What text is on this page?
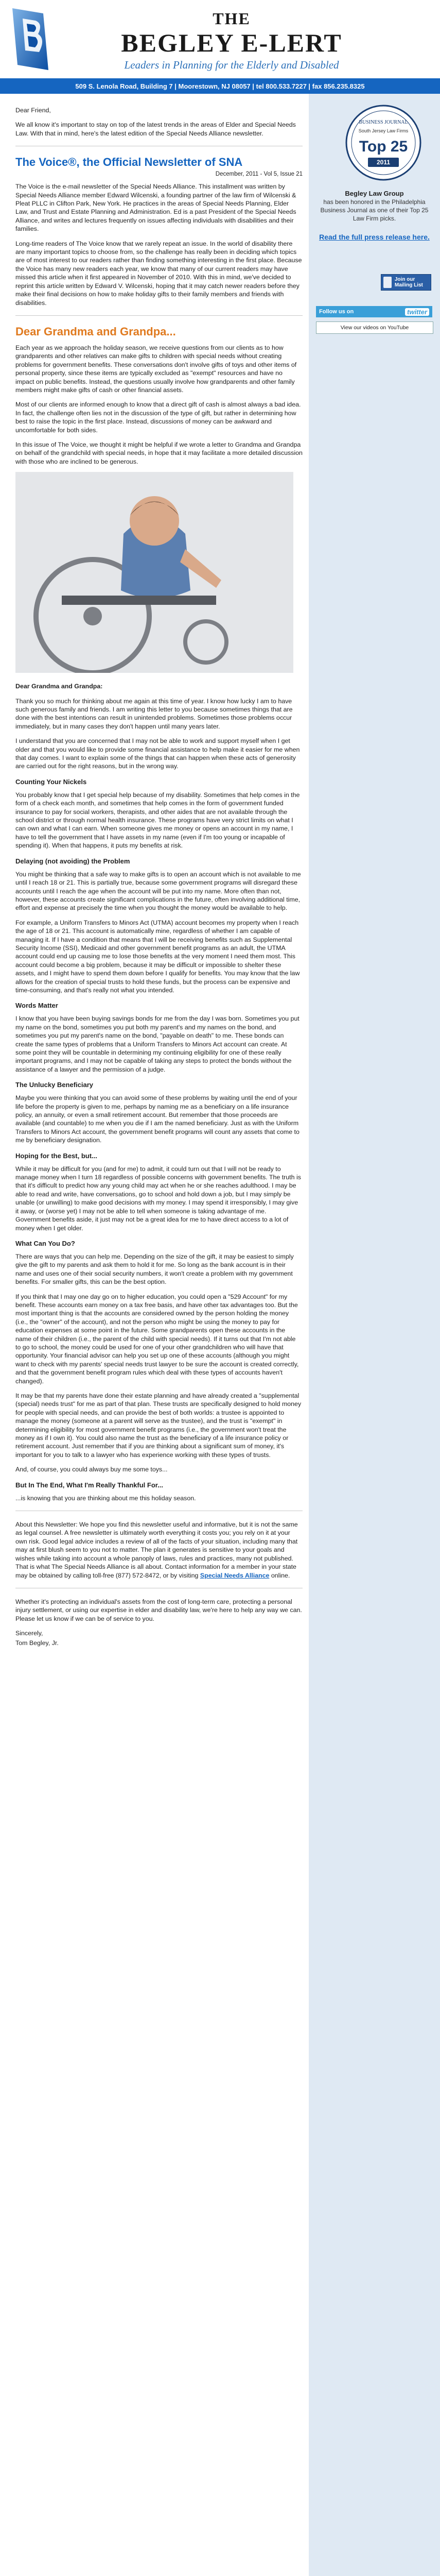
THE
BEGLEY E-LERT
Leaders in Planning for the Elderly and Disabled
509 S. Lenola Road, Building 7 | Moorestown, NJ 08057 | tel 800.533.7227 | fax 856.235.8325

Dear Friend,

We all know it's important to stay on top of the latest trends in the areas of Elder and Special Needs Law. With that in mind, here's the latest edition of the Special Needs Alliance newsletter.

The Voice®, the Official Newsletter of SNA
December, 2011 - Vol 5, Issue 21

The Voice is the e-mail newsletter of the Special Needs Alliance. This installment was written by Special Needs Alliance member Edward Wilcenski, a founding partner of the law firm of Wilcenski & Pleat PLLC in Clifton Park, New York. He practices in the areas of Special Needs Planning, Elder Law, and Trust and Estate Planning and Administration. Ed is a past President of the Special Needs Alliance, and writes and lectures frequently on issues affecting individuals with disabilities and their families.

Long-time readers of The Voice know that we rarely repeat an issue. In the world of disability there are many important topics to choose from, so the challenge has really been in deciding which topics are of most interest to our readers rather than finding something interesting in the first place. Because the Voice has many new readers each year, we know that many of our current readers may have missed this article when it first appeared in November of 2010. With this in mind, we've decided to reprint this article written by Edward V. Wilcenski, hoping that it may catch newer readers before they make their final decisions on how to make holiday gifts to their family members and friends with disabilities.

Dear Grandma and Grandpa...

Each year as we approach the holiday season, we receive questions from our clients as to how grandparents and other relatives can make gifts to children with special needs without creating problems for government benefits. These conversations don't involve gifts of toys and other items of personal property, since these items are typically excluded as "exempt" resources and have no impact on public benefits. Instead, the questions usually involve how grandparents and other family members might make gifts of cash or other financial assets.

Most of our clients are informed enough to know that a direct gift of cash is almost always a bad idea. In fact, the challenge often lies not in the discussion of the type of gift, but rather in determining how best to raise the topic in the first place. Instead, discussions of money can be awkward and uncomfortable for both sides.

In this issue of The Voice, we thought it might be helpful if we wrote a letter to Grandma and Grandpa on behalf of the grandchild with special needs, in hope that it may facilitate a more detailed discussion with those who are inclined to be generous.

Dear Grandma and Grandpa:

Thank you so much for thinking about me again at this time of year. I know how lucky I am to have such generous family and friends. I am writing this letter to you because sometimes things that are done with the best intentions can result in unintended problems. Sometimes those problems occur immediately, but in many cases they don't happen until many years later.

I understand that you are concerned that I may not be able to work and support myself when I get older and that you would like to provide some financial assistance to help make it easier for me when that day comes. I want to explain some of the things that can happen when these acts of generosity are carried out for the right reasons, but in the wrong way.

Counting Your Nickels

You probably know that I get special help because of my disability. Sometimes that help comes in the form of a check each month, and sometimes that help comes in the form of government funded insurance to pay for social workers, therapists, and other aides that are not available through the school district or through normal health insurance. These programs have very strict limits on what I can own and what I can earn. When someone gives me money or opens an account in my name, I have to tell the government that I have assets in my name (even if I'm too young or incapable of spending it). When that happens, it puts my benefits at risk.

Delaying (not avoiding) the Problem

You might be thinking that a safe way to make gifts is to open an account which is not available to me until I reach 18 or 21. This is partially true, because some government programs will disregard these accounts until I reach the age when the account will be put into my name. More often than not, however, these accounts create significant complications in the future, often involving additional time, effort and expense at precisely the time when you thought the money would be available to help.

For example, a Uniform Transfers to Minors Act (UTMA) account becomes my property when I reach the age of 18 or 21. This account is automatically mine, regardless of whether I am capable of managing it. If I have a condition that means that I will be receiving benefits such as Supplemental Security Income (SSI), Medicaid and other government benefit programs as an adult, the UTMA account could end up causing me to lose those benefits at the very moment I need them most. This account could become a big problem, because it may be difficult or impossible to shelter these assets, and I might have to spend them down before I qualify for benefits. You may know that the law allows for the creation of special trusts to hold these funds, but the process can be expensive and time-consuming, and that's really not what you intended.

Words Matter

I know that you have been buying savings bonds for me from the day I was born. Sometimes you put my name on the bond, sometimes you put both my parent's and my names on the bond, and sometimes you put my parent's name on the bond, "payable on death" to me. These bonds can create the same types of problems that a Uniform Transfers to Minors Act account can create. At some point they will be countable in determining my continuing eligibility for one of these really important programs, and I may not be capable of taking any steps to protect the bonds without the assistance of a lawyer and the permission of a judge.

The Unlucky Beneficiary

Maybe you were thinking that you can avoid some of these problems by waiting until the end of your life before the property is given to me, perhaps by naming me as a beneficiary on a life insurance policy, an annuity, or even a small retirement account. But remember that those proceeds are available (and countable) to me when you die if I am the named beneficiary. Just as with the Uniform Transfers to Minors Act account, the government benefit programs will count any assets that come to me by beneficiary designation.

Hoping for the Best, but...

While it may be difficult for you (and for me) to admit, it could turn out that I will not be ready to manage money when I turn 18 regardless of possible concerns with government benefits. The truth is that it's difficult to predict how any young child may act when he or she reaches adulthood. I may be able to read and write, have conversations, go to school and hold down a job, but I may simply be unable (or unwilling) to make good decisions with my money. I may spend it irresponsibly, I may give it away, or (worse yet) I may not be able to tell when someone is taking advantage of me. Government benefits aside, it just may not be a great idea for me to have direct access to a lot of money when I get older.

What Can You Do?

There are ways that you can help me. Depending on the size of the gift, it may be easiest to simply give the gift to my parents and ask them to hold it for me. So long as the bank account is in their name and uses one of their social security numbers, it won't create a problem with my government benefits. For smaller gifts, this can be the best option.

If you think that I may one day go on to higher education, you could open a "529 Account" for my benefit. These accounts earn money on a tax free basis, and have other tax advantages too. But the most important thing is that the accounts are considered owned by the person holding the money (i.e., the "owner" of the account), and not the person who might be using the money to pay for education expenses at some point in the future. Some grandparents open these accounts in the name of their children (i.e., the parent of the child with special needs). If it turns out that I'm not able to go to school, the money could be used for one of your other grandchildren who will have that opportunity. Your financial advisor can help you set up one of these accounts (although you might want to check with my parents' special needs trust lawyer to be sure the account is created correctly, and that the government benefit program rules which deal with these types of accounts haven't changed).

It may be that my parents have done their estate planning and have already created a "supplemental (special) needs trust" for me as part of that plan. These trusts are specifically designed to hold money for people with special needs, and can provide the best of both worlds: a trustee is appointed to manage the money (someone at a parent will serve as the trustee), and the trust is "exempt" in determining eligibility for most government benefit programs (i.e., the government won't treat the money as if I own it). You could also name the trust as the beneficiary of a life insurance policy or retirement account. Just remember that if you are thinking about a significant sum of money, it's important for you to talk to a lawyer who has experience working with these types of trusts.

And, of course, you could always buy me some toys...

But In The End, What I'm Really Thankful For...

...is knowing that you are thinking about me this holiday season.

About this Newsletter: We hope you find this newsletter useful and informative, but it is not the same as legal counsel. A free newsletter is ultimately worth everything it costs you; you rely on it at your own risk. Good legal advice includes a review of all of the facts of your situation, including many that may at first blush seem to you not to matter. The plan it generates is sensitive to your goals and wishes while taking into account a whole panoply of laws, rules and practices, many not published. That is what The Special Needs Alliance is all about. Contact information for a member in your state may be obtained by calling toll-free (877) 572-8472, or by visiting Special Needs Alliance online.

Whether it's protecting an individual's assets from the cost of long-term care, protecting a personal injury settlement, or using our expertise in elder and disability law, we're here to help any way we can. Please let us know if we can be of service to you.

Sincerely,

Tom Begley, Jr.

BUSINESS JOURNAL
South Jersey Law Firms
Top 25
2011
Begley Law Group
has been honored in the Philadelphia Business Journal as one of their Top 25 Law Firm picks.
Read the full press release here.
Join our Mailing List
Follow us on	twitter
View our videos on YouTube
